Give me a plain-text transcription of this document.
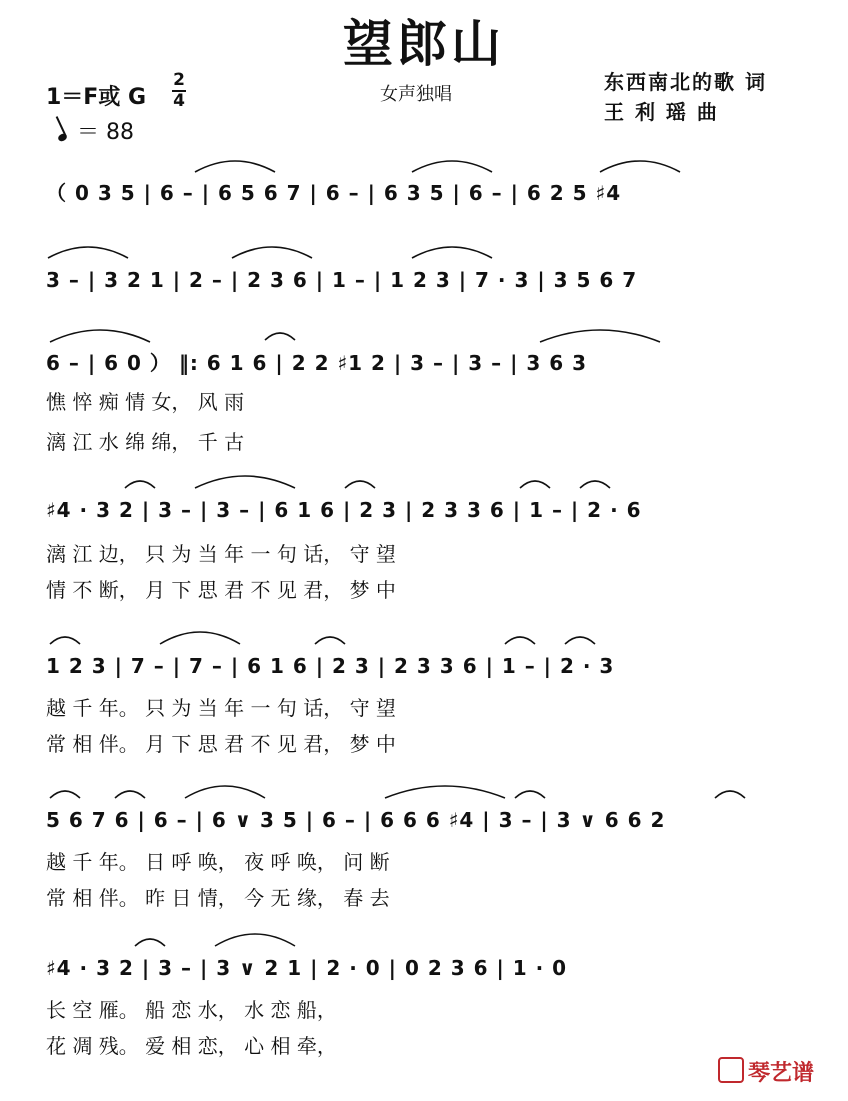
望郎山
1＝F或 G
2
4
＝ 88
女声独唱
东西南北的歌 词
王 利 瑶 曲
（ 0 3 5 | 6 – | 6 5 6 7 | 6 – | 6 3 5 | 6 – | 6 2 5 ♯4
3 – | 3 2 1 | 2 – | 2 3 6 | 1 – | 1 2 3 | 7 · 3 | 3 5 6 7
6 – | 6 0 ） ‖: 6 1 6 | 2 2 ♯1 2 | 3 – | 3 – | 3 6 3
憔 悴 痴 情 女， 风 雨
漓 江 水 绵 绵， 千 古
♯4 · 3 2 | 3 – | 3 – | 6 1 6 | 2 3 | 2 3 3 6 | 1 – | 2 · 6
漓 江 边， 只 为 当 年 一 句 话， 守 望
情 不 断， 月 下 思 君 不 见 君， 梦 中
1 2 3 | 7 – | 7 – | 6 1 6 | 2 3 | 2 3 3 6 | 1 – | 2 · 3
越 千 年。 只 为 当 年 一 句 话， 守 望
常 相 伴。 月 下 思 君 不 见 君， 梦 中
5 6 7 6 | 6 – | 6 ∨ 3 5 | 6 – | 6 6 6 ♯4 | 3 – | 3 ∨ 6 6 2
越 千 年。 日 呼 唤， 夜 呼 唤， 问 断
常 相 伴。 昨 日 情， 今 无 缘， 春 去
♯4 · 3 2 | 3 – | 3 ∨ 2 1 | 2 · 0 | 0 2 3 6 | 1 · 0
长 空 雁。 船 恋 水， 水 恋 船，
花 凋 残。 爱 相 恋， 心 相 牵，
琴艺谱
